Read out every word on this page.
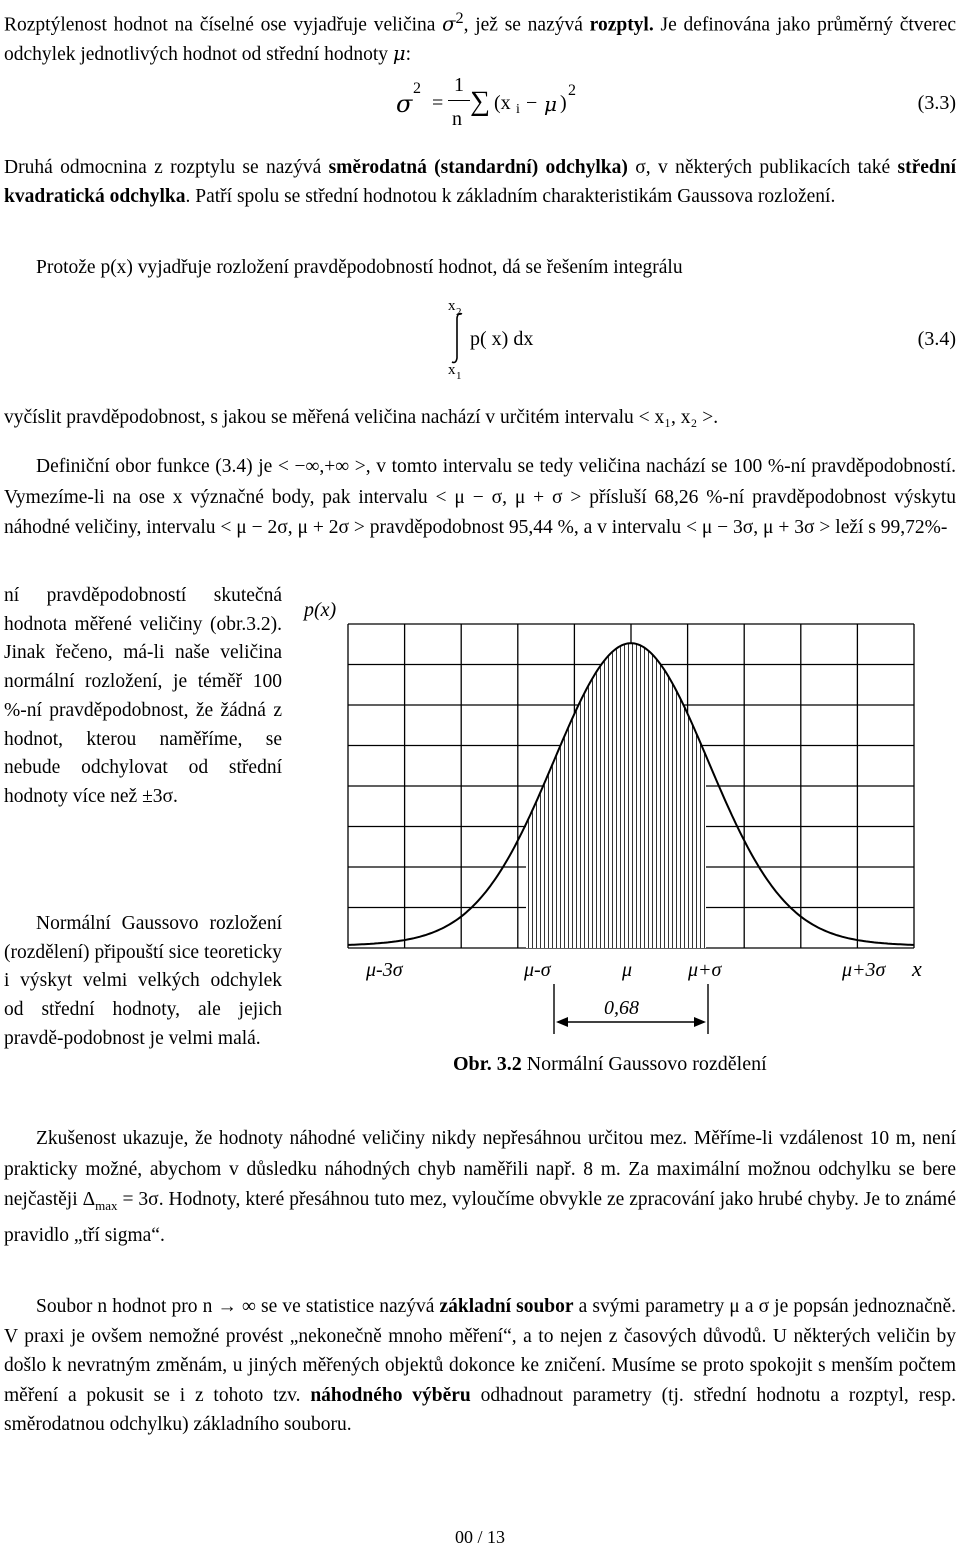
Rozptýlenost hodnot na číselné ose vyjadřuje veličina $\sigma^2$, jež se nazývá rozptyl. Je definována jako průměrný čtverec odchylek jednotlivých hodnot od střední hodnoty μ:

σ
2
=
1
n
∑ (x i − μ )
2
(3.3)

Druhá odmocnina z rozptylu se nazývá směrodatná (standardní) odchylka) σ, v některých publikacích také střední kvadratická odchylka. Patří spolu se střední hodnotou k základním charakteristikám Gaussova rozložení.

Protože p(x) vyjadřuje rozložení pravděpodobností hodnot, dá se řešením integrálu

x 2
x 1
p( x) dx	(3.4)

vyčíslit pravděpodobnost, s jakou se měřená veličina nachází v určitém intervalu < x₁, x₂ >.

Definiční obor funkce (3.4) je < −∞,+∞ >, v tomto intervalu se tedy veličina nachází se 100 %-ní pravděpodobností. Vymezíme-li na ose x význačné body, pak intervalu < μ − σ, μ + σ > přísluší 68,26 %-ní pravděpodobnost výskytu náhodné veličiny, intervalu < μ − 2σ, μ + 2σ > pravděpodobnost 95,44 %, a v intervalu < μ − 3σ, μ + 3σ > leží s 99,72%-

ní pravděpodobností skutečná hodnota měřené veličiny (obr.3.2). Jinak řečeno, má-li naše veličina normální rozložení, je téměř 100 %-ní pravděpodobnost, že žádná z hodnot, kterou naměříme, se nebude odchylovat od střední hodnoty více než ±3σ.

Normální Gaussovo rozložení (rozdělení) připouští sice teoreticky i výskyt velmi velkých odchylek od střední hodnoty, ale jejich pravdě-podobnost je velmi malá.

p(x)
x
μ-3σ	μ-σ	μ	μ+σ	μ+3σ
0,68
Obr. 3.2 Normální Gaussovo rozdělení

Zkušenost ukazuje, že hodnoty náhodné veličiny nikdy nepřesáhnou určitou mez. Měříme-li vzdálenost 10 m, není prakticky možné, abychom v důsledku náhodných chyb naměřili např. 8 m. Za maximální možnou odchylku se bere nejčastěji $\Delta_{max} = 3\sigma$. Hodnoty, které přesáhnou tuto mez, vyloučíme obvykle ze zpracování jako hrubé chyby. Je to známé pravidlo „tří sigma“.

Soubor n hodnot pro n → ∞ se ve statistice nazývá základní soubor a svými parametry μ a σ je popsán jednoznačně. V praxi je ovšem nemožné provést „nekonečně mnoho měření“, a to nejen z časových důvodů. U některých veličin by došlo k nevratným změnám, u jiných měřených objektů dokonce ke zničení. Musíme se proto spokojit s menším počtem měření a pokusit se i z tohoto tzv. náhodného výběru odhadnout parametry (tj. střední hodnotu a rozptyl, resp. směrodatnou odchylku) základního souboru.

00 / 13
